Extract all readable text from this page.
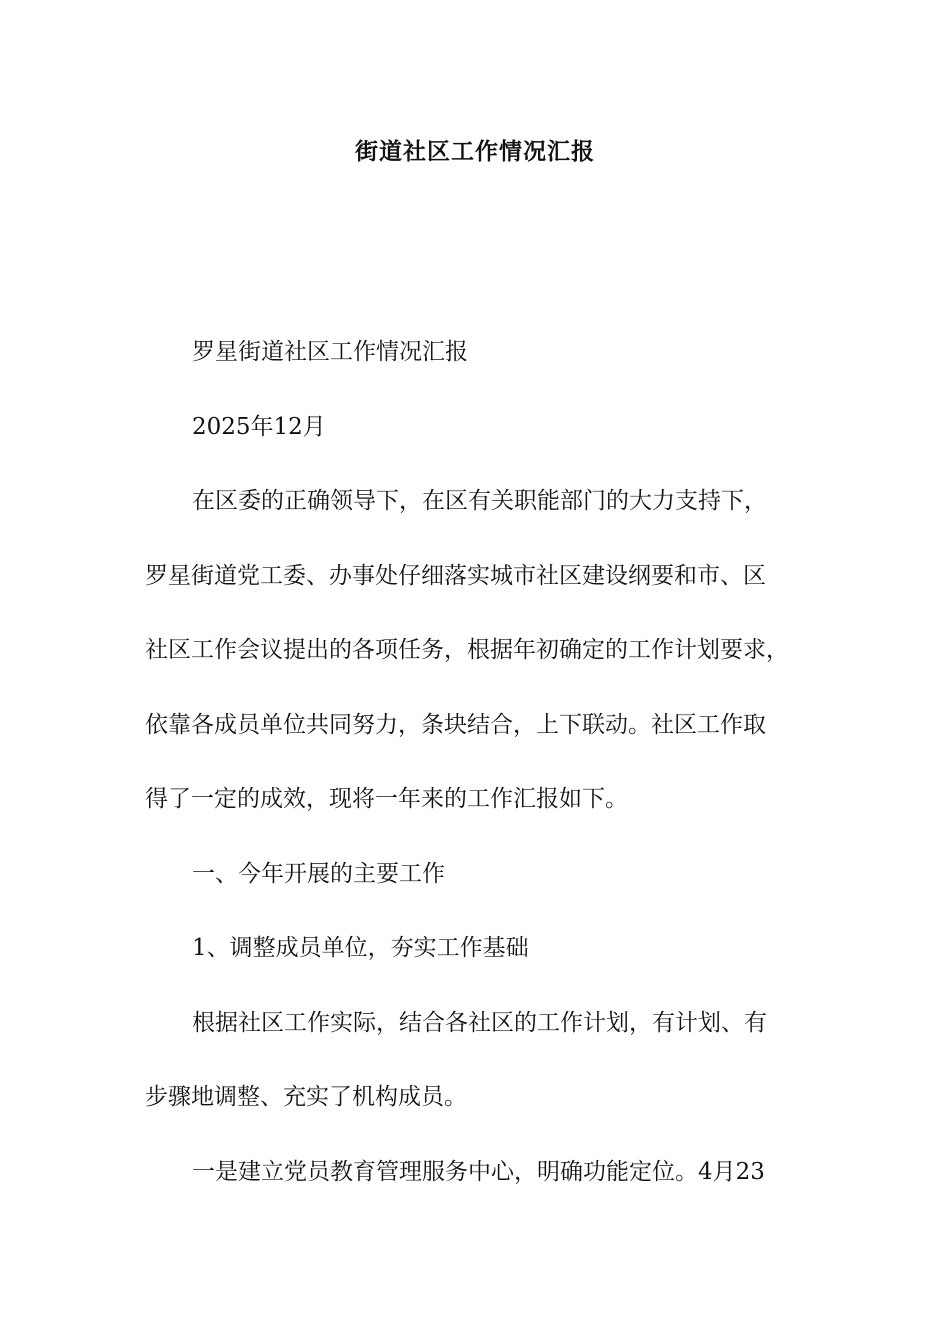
街道社区工作情况汇报

罗星街道社区工作情况汇报

2025年12月

在区委的正确领导下，在区有关职能部门的大力支持下，

罗星街道党工委、办事处仔细落实城市社区建设纲要和市、区

社区工作会议提出的各项任务，根据年初确定的工作计划要求，

依靠各成员单位共同努力，条块结合，上下联动。社区工作取

得了一定的成效，现将一年来的工作汇报如下。

一、今年开展的主要工作

1、调整成员单位，夯实工作基础

根据社区工作实际，结合各社区的工作计划，有计划、有

步骤地调整、充实了机构成员。

一是建立党员教育管理服务中心，明确功能定位。4月23
